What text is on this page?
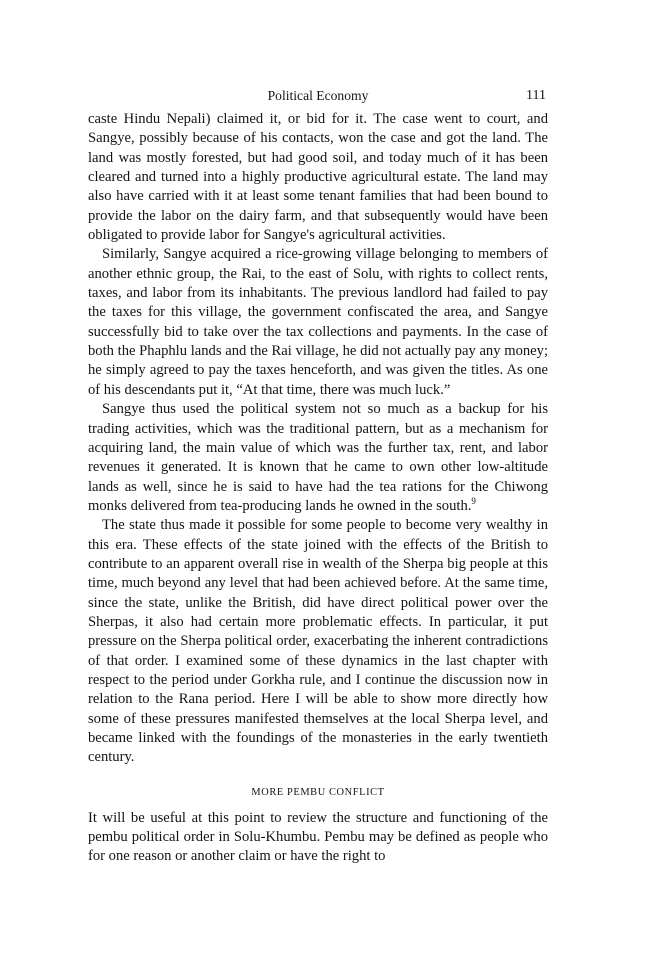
Political Economy	111

caste Hindu Nepali) claimed it, or bid for it. The case went to court, and Sangye, possibly because of his contacts, won the case and got the land. The land was mostly forested, but had good soil, and today much of it has been cleared and turned into a highly productive agricultural estate. The land may also have carried with it at least some tenant families that had been bound to provide the labor on the dairy farm, and that subsequently would have been obligated to provide labor for Sangye's agricultural activities.

Similarly, Sangye acquired a rice-growing village belonging to members of another ethnic group, the Rai, to the east of Solu, with rights to collect rents, taxes, and labor from its inhabitants. The previous landlord had failed to pay the taxes for this village, the government confiscated the area, and Sangye successfully bid to take over the tax collections and payments. In the case of both the Phaphlu lands and the Rai village, he did not actually pay any money; he simply agreed to pay the taxes henceforth, and was given the titles. As one of his descendants put it, “At that time, there was much luck.”

Sangye thus used the political system not so much as a backup for his trading activities, which was the traditional pattern, but as a mechanism for acquiring land, the main value of which was the further tax, rent, and labor revenues it generated. It is known that he came to own other low-altitude lands as well, since he is said to have had the tea rations for the Chiwong monks delivered from tea-producing lands he owned in the south.$^9$

The state thus made it possible for some people to become very wealthy in this era. These effects of the state joined with the effects of the British to contribute to an apparent overall rise in wealth of the Sherpa big people at this time, much beyond any level that had been achieved before. At the same time, since the state, unlike the British, did have direct political power over the Sherpas, it also had certain more problematic effects. In particular, it put pressure on the Sherpa political order, exacerbating the inherent contradictions of that order. I examined some of these dynamics in the last chapter with respect to the period under Gorkha rule, and I continue the discussion now in relation to the Rana period. Here I will be able to show more directly how some of these pressures manifested themselves at the local Sherpa level, and became linked with the foundings of the monasteries in the early twentieth century.

MORE PEMBU CONFLICT

It will be useful at this point to review the structure and functioning of the pembu political order in Solu-Khumbu. Pembu may be defined as people who for one reason or another claim or have the right to
